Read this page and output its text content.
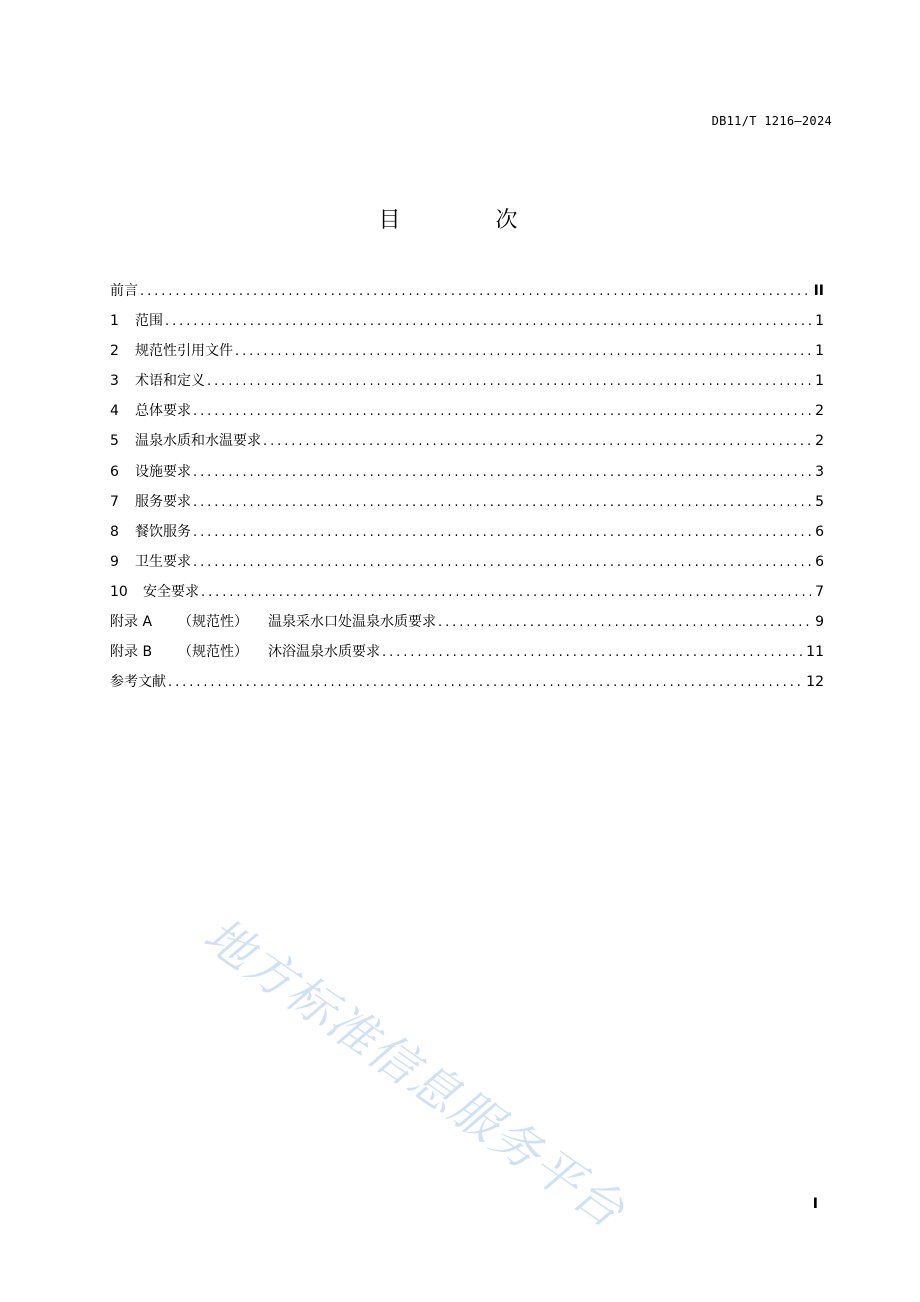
DB11/T 1216—2024
目 次
前言 . . .	II
1	范围 . . .	1
2	规范性引用文件 . . .	1
3	术语和定义 . . .	1
4	总体要求 . . .	2
5	温泉水质和水温要求 . . .	2
6	设施要求 . . .	3
7	服务要求 . . .	5
8	餐饮服务 . . .	6
9	卫生要求 . . .	6
10	安全要求 . . .	7
附录 A	（规范性）	温泉采水口处温泉水质要求 . . .	9
附录 B	（规范性）	沐浴温泉水质要求 . . .	11
参考文献 . . .	12
地方标准信息服务平台	I
